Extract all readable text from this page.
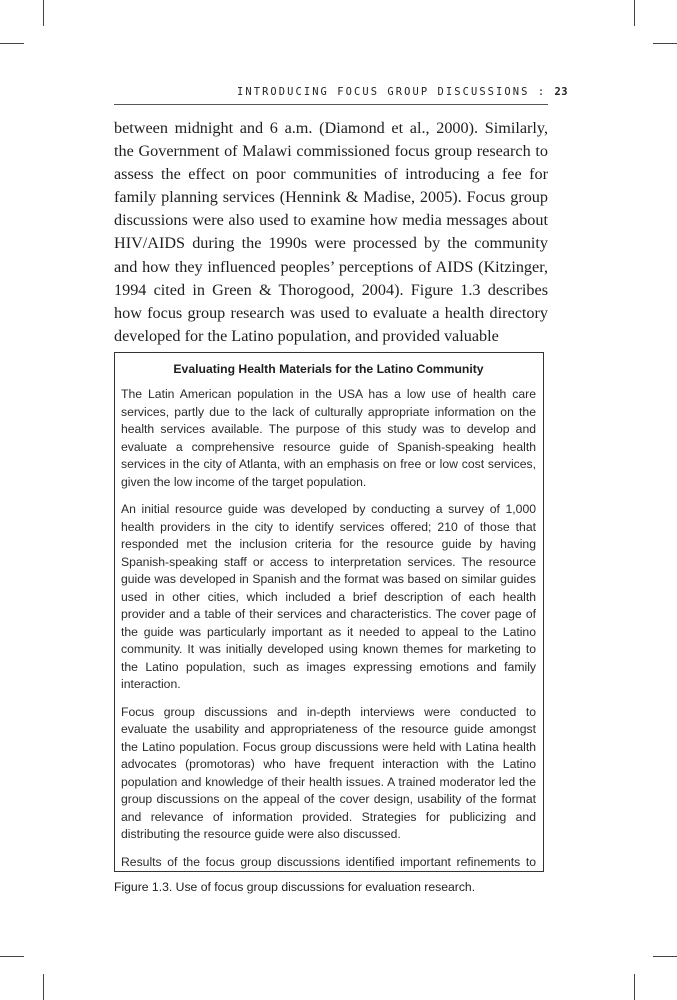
INTRODUCING FOCUS GROUP DISCUSSIONS : 23

between midnight and 6 a.m. (Diamond et al., 2000). Similarly, the Government of Malawi commissioned focus group research to assess the effect on poor communities of introducing a fee for family planning services (Hennink & Madise, 2005). Focus group discussions were also used to examine how media messages about HIV/AIDS during the 1990s were processed by the community and how they influenced peoples’ perceptions of AIDS (Kitzinger, 1994 cited in Green & Thorogood, 2004). Figure 1.3 describes how focus group research was used to evaluate a health directory developed for the Latino population, and provided valuable

Evaluating Health Materials for the Latino Community

The Latin American population in the USA has a low use of health care services, partly due to the lack of culturally appropriate information on the health services available. The purpose of this study was to develop and evaluate a comprehensive resource guide of Spanish-speaking health services in the city of Atlanta, with an emphasis on free or low cost services, given the low income of the target population.

An initial resource guide was developed by conducting a survey of 1,000 health providers in the city to identify services offered; 210 of those that responded met the inclusion criteria for the resource guide by having Spanish-speaking staff or access to interpretation services. The resource guide was developed in Spanish and the format was based on similar guides used in other cities, which included a brief description of each health provider and a table of their services and characteristics. The cover page of the guide was particularly important as it needed to appeal to the Latino community. It was initially developed using known themes for marketing to the Latino population, such as images expressing emotions and family interaction.

Focus group discussions and in-depth interviews were conducted to evaluate the usability and appropriateness of the resource guide amongst the Latino population. Focus group discussions were held with Latina health advocates (promotoras) who have frequent interaction with the Latino population and knowledge of their health issues. A trained moderator led the group discussions on the appeal of the cover design, usability of the format and relevance of information provided. Strategies for publicizing and distributing the resource guide were also discussed.

Results of the focus group discussions identified important refinements to

Figure 1.3. Use of focus group discussions for evaluation research.
